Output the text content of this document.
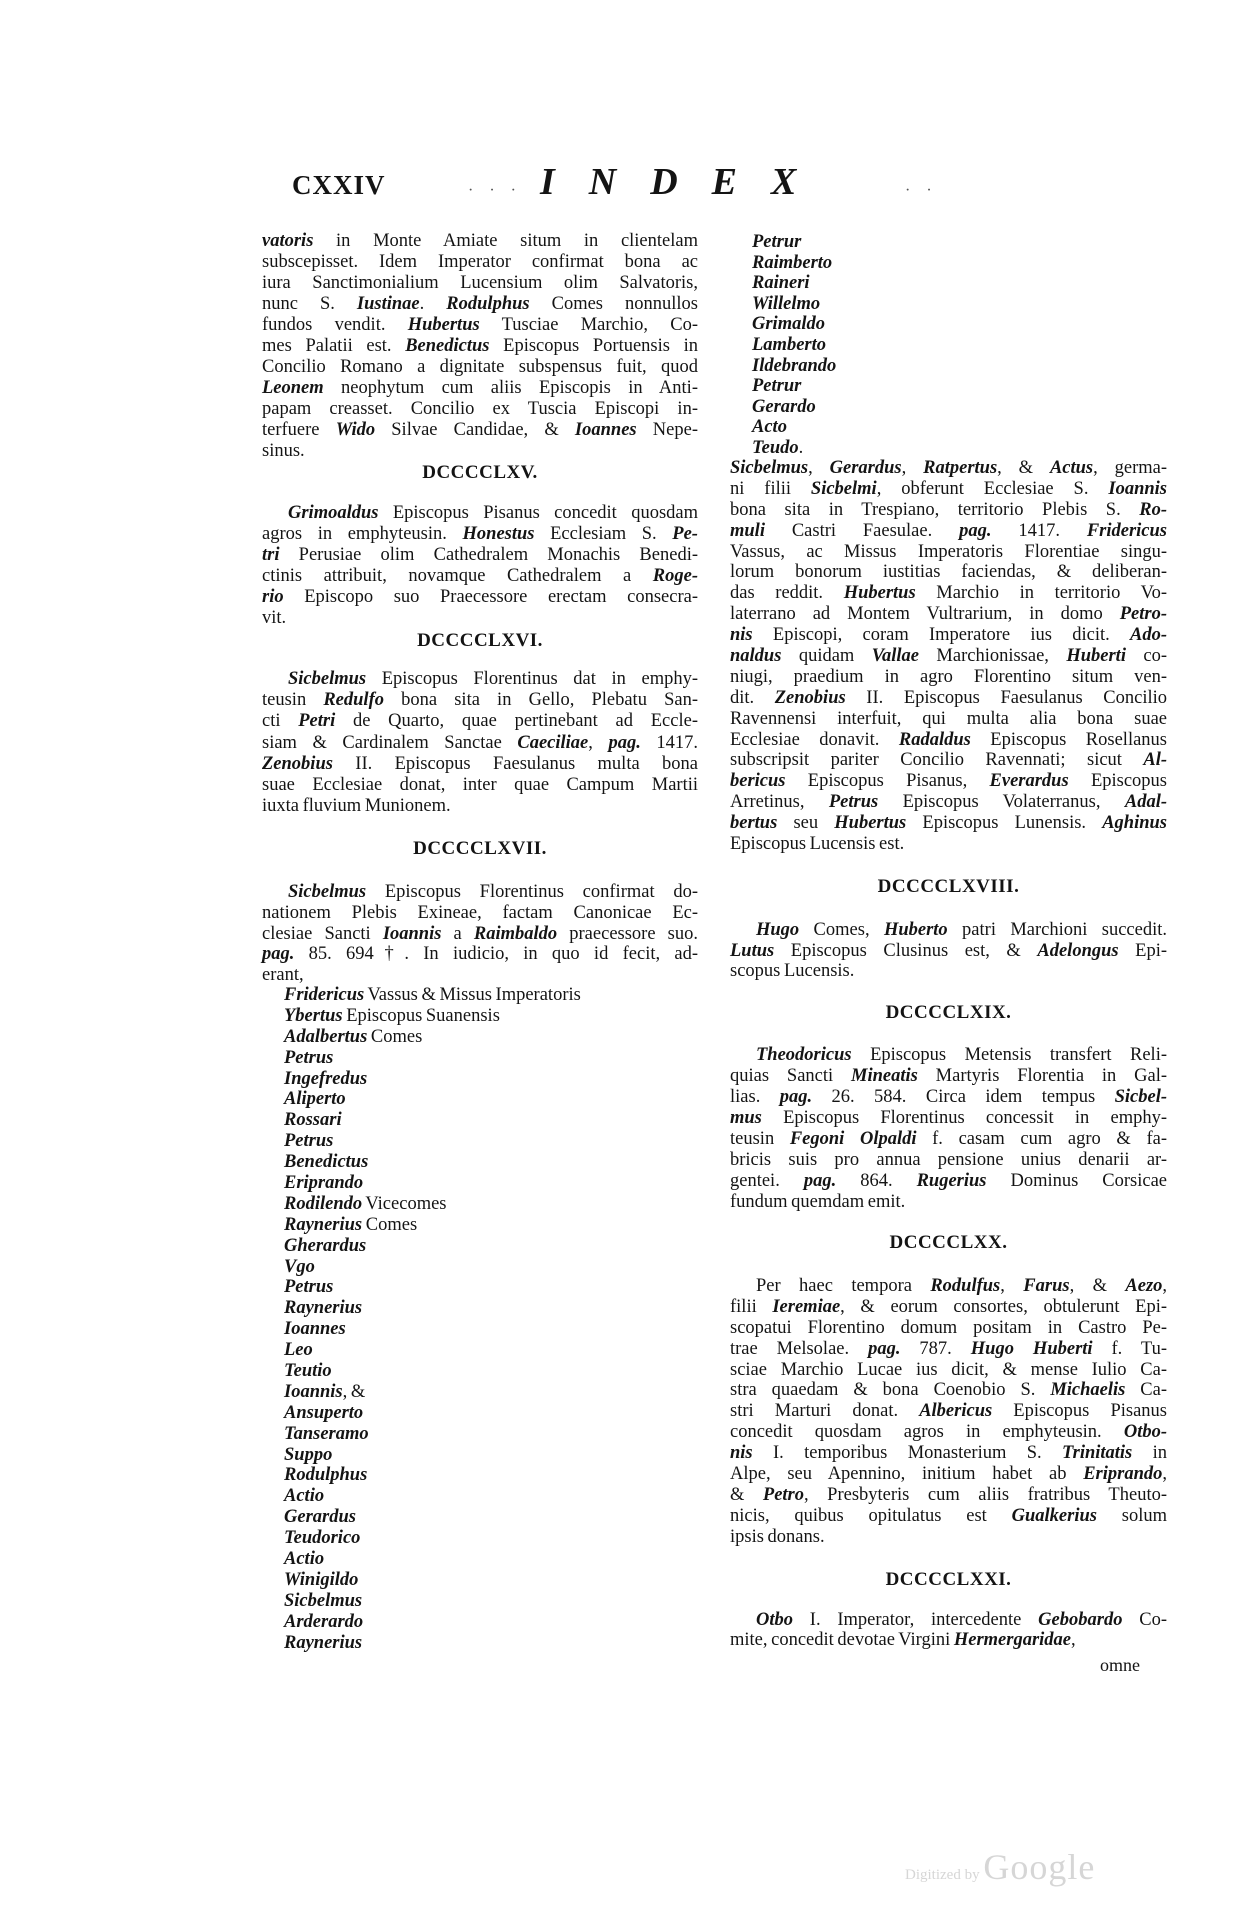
CXXIV	· · · INDEX	· ·
vatoris in Monte Amiate situm in clientelam
subscepisset. Idem Imperator confirmat bona ac
iura Sanctimonialium Lucensium olim Salvatoris,
nunc S. Iustinae. Rodulphus Comes nonnullos
fundos vendit. Hubertus Tusciae Marchio, Co-
mes Palatii est. Benedictus Episcopus Portuensis in
Concilio Romano a dignitate subspensus fuit, quod
Leonem neophytum cum aliis Episcopis in Anti-
papam creasset. Concilio ex Tuscia Episcopi in-
terfuere Wido Silvae Candidae, & Ioannes Nepe-
sinus.
DCCCCLXV.
Grimoaldus Episcopus Pisanus concedit quosdam
agros in emphyteusin. Honestus Ecclesiam S. Pe-
tri Perusiae olim Cathedralem Monachis Benedi-
ctinis attribuit, novamque Cathedralem a Roge-
rio Episcopo suo Praecessore erectam consecra-
vit.
DCCCCLXVI.
Sicbelmus Episcopus Florentinus dat in emphy-
teusin Redulfo bona sita in Gello, Plebatu San-
cti Petri de Quarto, quae pertinebant ad Eccle-
siam & Cardinalem Sanctae Caeciliae, pag. 1417.
Zenobius II. Episcopus Faesulanus multa bona
suae Ecclesiae donat, inter quae Campum Martii
iuxta fluvium Munionem.
DCCCCLXVII.
Sicbelmus Episcopus Florentinus confirmat do-
nationem Plebis Exineae, factam Canonicae Ec-
clesiae Sancti Ioannis a Raimbaldo praecessore suo.
pag. 85. 694†. In iudicio, in quo id fecit, ad-
erant,
Fridericus Vassus & Missus Imperatoris
Ybertus Episcopus Suanensis
Adalbertus Comes
Petrus
Ingefredus
Aliperto
Rossari
Petrus
Benedictus
Eriprando
Rodilendo Vicecomes
Raynerius Comes
Gherardus
Vgo
Petrus
Raynerius
Ioannes
Leo
Teutio
Ioannis, &
Ansuperto
Tanseramo
Suppo
Rodulphus
Actio
Gerardus
Teudorico
Actio
Winigildo
Sicbelmus
Arderardo
Raynerius
Petrur
Raimberto
Raineri
Willelmo
Grimaldo
Lamberto
Ildebrando
Petrur
Gerardo
Acto
Teudo.
Sicbelmus, Gerardus, Ratpertus, & Actus, germa-
ni filii Sicbelmi, obferunt Ecclesiae S. Ioannis
bona sita in Trespiano, territorio Plebis S. Ro-
muli Castri Faesulae. pag. 1417. Fridericus
Vassus, ac Missus Imperatoris Florentiae singu-
lorum bonorum iustitias faciendas, & deliberan-
das reddit. Hubertus Marchio in territorio Vo-
laterrano ad Montem Vultrarium, in domo Petro-
nis Episcopi, coram Imperatore ius dicit. Ado-
naldus quidam Vallae Marchionissae, Huberti co-
niugi, praedium in agro Florentino situm ven-
dit. Zenobius II. Episcopus Faesulanus Concilio
Ravennensi interfuit, qui multa alia bona suae
Ecclesiae donavit. Radaldus Episcopus Rosellanus
subscripsit pariter Concilio Ravennati; sicut Al-
bericus Episcopus Pisanus, Everardus Episcopus
Arretinus, Petrus Episcopus Volaterranus, Adal-
bertus seu Hubertus Episcopus Lunensis. Aghinus
Episcopus Lucensis est.
DCCCCLXVIII.
Hugo Comes, Huberto patri Marchioni succedit.
Lutus Episcopus Clusinus est, & Adelongus Epi-
scopus Lucensis.
DCCCCLXIX.
Theodoricus Episcopus Metensis transfert Reli-
quias Sancti Mineatis Martyris Florentia in Gal-
lias. pag. 26. 584. Circa idem tempus Sicbel-
mus Episcopus Florentinus concessit in emphy-
teusin Fegoni Olpaldi f. casam cum agro & fa-
bricis suis pro annua pensione unius denarii ar-
gentei. pag. 864. Rugerius Dominus Corsicae
fundum quemdam emit.
DCCCCLXX.
Per haec tempora Rodulfus, Farus, & Aezo,
filii Ieremiae, & eorum consortes, obtulerunt Epi-
scopatui Florentino domum positam in Castro Pe-
trae Melsolae. pag. 787. Hugo Huberti f. Tu-
sciae Marchio Lucae ius dicit, & mense Iulio Ca-
stra quaedam & bona Coenobio S. Michaelis Ca-
stri Marturi donat. Albericus Episcopus Pisanus
concedit quosdam agros in emphyteusin. Otbo-
nis I. temporibus Monasterium S. Trinitatis in
Alpe, seu Apennino, initium habet ab Eriprando,
& Petro, Presbyteris cum aliis fratribus Theuto-
nicis, quibus opitulatus est Gualkerius solum
ipsis donans.
DCCCCLXXI.
Otbo I. Imperator, intercedente Gebobardo Co-
mite, concedit devotae Virgini Hermergaridae,
omne
Digitized by Google
